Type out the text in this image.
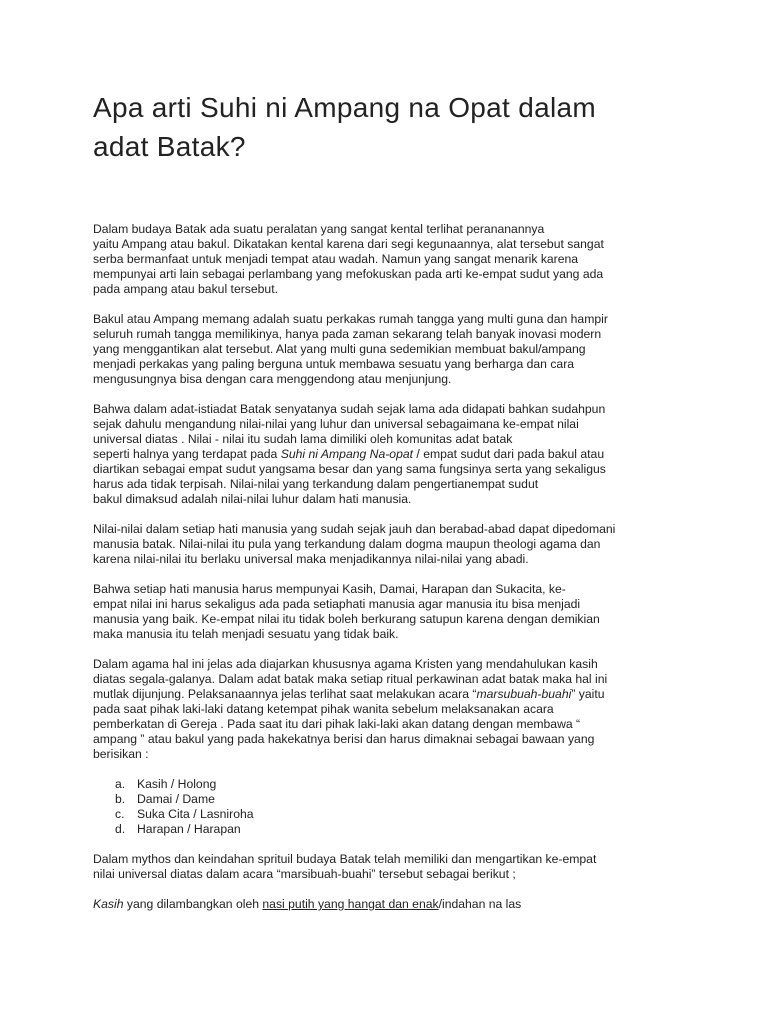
Apa arti Suhi ni Ampang na Opat dalam
adat Batak?

Dalam budaya Batak ada suatu peralatan yang sangat kental terlihat perananannya
yaitu Ampang atau bakul. Dikatakan kental karena dari segi kegunaannya, alat tersebut sangat
serba bermanfaat untuk menjadi tempat atau wadah. Namun yang sangat menarik karena
mempunyai arti lain sebagai perlambang yang mefokuskan pada arti ke-empat sudut yang ada
pada ampang atau bakul tersebut.

Bakul atau Ampang memang adalah suatu perkakas rumah tangga yang multi guna dan hampir
seluruh rumah tangga memilikinya, hanya pada zaman sekarang telah banyak inovasi modern
yang menggantikan alat tersebut. Alat yang multi guna sedemikian membuat bakul/ampang
menjadi perkakas yang paling berguna untuk membawa sesuatu yang berharga dan cara
mengusungnya bisa dengan cara menggendong atau menjunjung.

Bahwa dalam adat-istiadat Batak senyatanya sudah sejak lama ada didapati bahkan sudahpun
sejak dahulu mengandung nilai-nilai yang luhur dan universal sebagaimana ke-empat nilai
universal diatas . Nilai - nilai itu sudah lama dimiliki oleh komunitas adat batak
seperti halnya yang terdapat pada Suhi ni Ampang Na-opat / empat sudut dari pada bakul atau
diartikan sebagai empat sudut yangsama besar dan yang sama fungsinya serta yang sekaligus
harus ada tidak terpisah. Nilai-nilai yang terkandung dalam pengertianempat sudut
bakul dimaksud adalah nilai-nilai luhur dalam hati manusia.

Nilai-nilai dalam setiap hati manusia yang sudah sejak jauh dan berabad-abad dapat dipedomani
manusia batak. Nilai-nilai itu pula yang terkandung dalam dogma maupun theologi agama dan
karena nilai-nilai itu berlaku universal maka menjadikannya nilai-nilai yang abadi.

Bahwa setiap hati manusia harus mempunyai Kasih, Damai, Harapan dan Sukacita, ke-
empat nilai ini harus sekaligus ada pada setiaphati manusia agar manusia itu bisa menjadi
manusia yang baik. Ke-empat nilai itu tidak boleh berkurang satupun karena dengan demikian
maka manusia itu telah menjadi sesuatu yang tidak baik.

Dalam agama hal ini jelas ada diajarkan khususnya agama Kristen yang mendahulukan kasih
diatas segala-galanya. Dalam adat batak maka setiap ritual perkawinan adat batak maka hal ini
mutlak dijunjung. Pelaksanaannya jelas terlihat saat melakukan acara “marsubuah-buahi” yaitu
pada saat pihak laki-laki datang ketempat pihak wanita sebelum melaksanakan acara
pemberkatan di Gereja . Pada saat itu dari pihak laki-laki akan datang dengan membawa “
ampang ” atau bakul yang pada hakekatnya berisi dan harus dimaknai sebagai bawaan yang
berisikan :

a. Kasih / Holong
b. Damai / Dame
c. Suka Cita / Lasniroha
d. Harapan / Harapan

Dalam mythos dan keindahan sprituil budaya Batak telah memiliki dan mengartikan ke-empat
nilai universal diatas dalam acara “marsibuah-buahi” tersebut sebagai berikut ;

Kasih yang dilambangkan oleh nasi putih yang hangat dan enak/indahan na las
